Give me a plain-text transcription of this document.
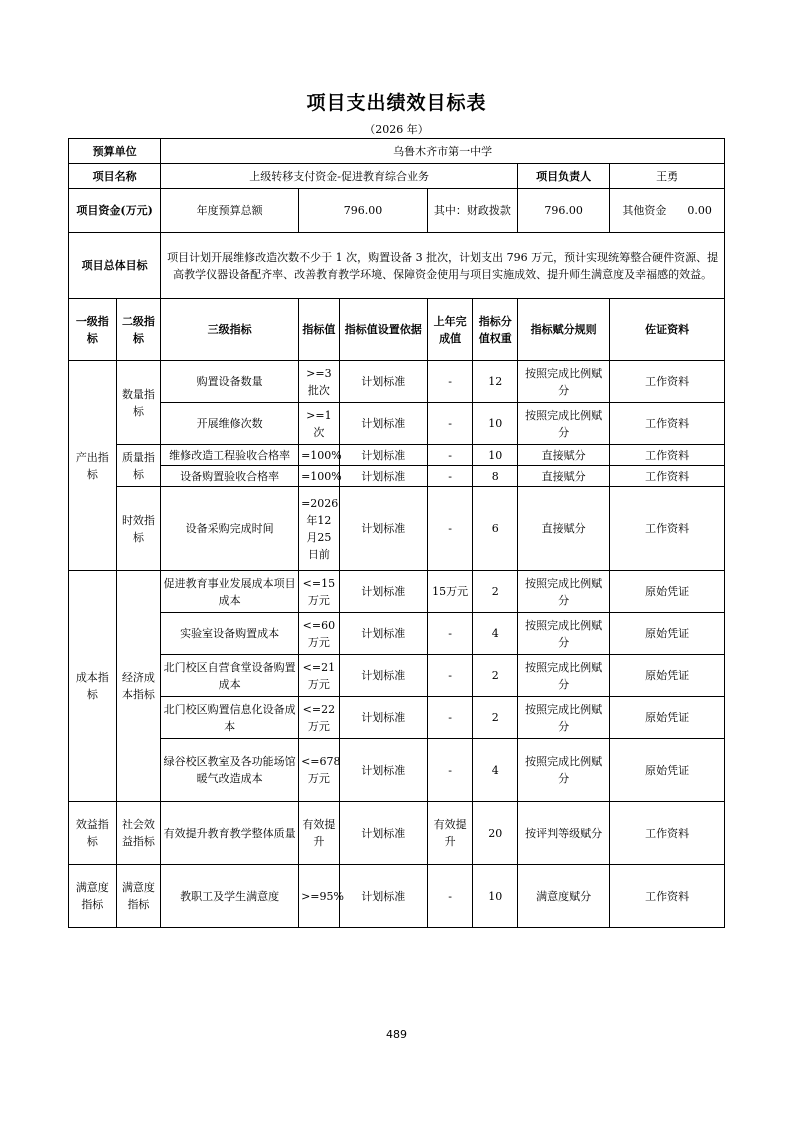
项目支出绩效目标表
（2026 年）
预算单位		乌鲁木齐市第一中学						
项目名称		上级转移支付资金-促进教育综合业务					项目负责人	王勇
项目资金(万元)		年度预算总额	796.00		其中：财政拨款		796.00	其他资金 0.00
项目总体目标		项目计划开展维修改造次数不少于 1 次，购置设备 3 批次，计划支出 796 万元，预计实现统筹整合硬件资源、提高教学仪器设备配齐率、改善教育教学环境、保障资金使用与项目实施成效、提升师生满意度及幸福感的效益。						
一级指标	二级指标	三级指标	指标值	指标值设置依据	上年完成值	指标分值权重	指标赋分规则	佐证资料
产出指标	数量指标	购置设备数量	>=3批次	计划标准	-	12	按照完成比例赋分	工作资料
		开展维修次数	>=1次	计划标准	-	10	按照完成比例赋分	工作资料
	质量指标	维修改造工程验收合格率	=100%	计划标准	-	10	直接赋分	工作资料
		设备购置验收合格率	=100%	计划标准	-	8	直接赋分	工作资料
	时效指标	设备采购完成时间	=2026年12月25日前	计划标准	-	6	直接赋分	工作资料
成本指标	经济成本指标	促进教育事业发展成本项目成本	<=15万元	计划标准	15万元	2	按照完成比例赋分	原始凭证
		实验室设备购置成本	<=60万元	计划标准	-	4	按照完成比例赋分	原始凭证
		北门校区自营食堂设备购置成本	<=21万元	计划标准	-	2	按照完成比例赋分	原始凭证
		北门校区购置信息化设备成本	<=22万元	计划标准	-	2	按照完成比例赋分	原始凭证
		绿谷校区教室及各功能场馆暖气改造成本	<=678万元	计划标准	-	4	按照完成比例赋分	原始凭证
效益指标	社会效益指标	有效提升教育教学整体质量	有效提升	计划标准	有效提升	20	按评判等级赋分	工作资料
满意度指标	满意度指标	教职工及学生满意度	>=95%	计划标准	-	10	满意度赋分	工作资料
489
